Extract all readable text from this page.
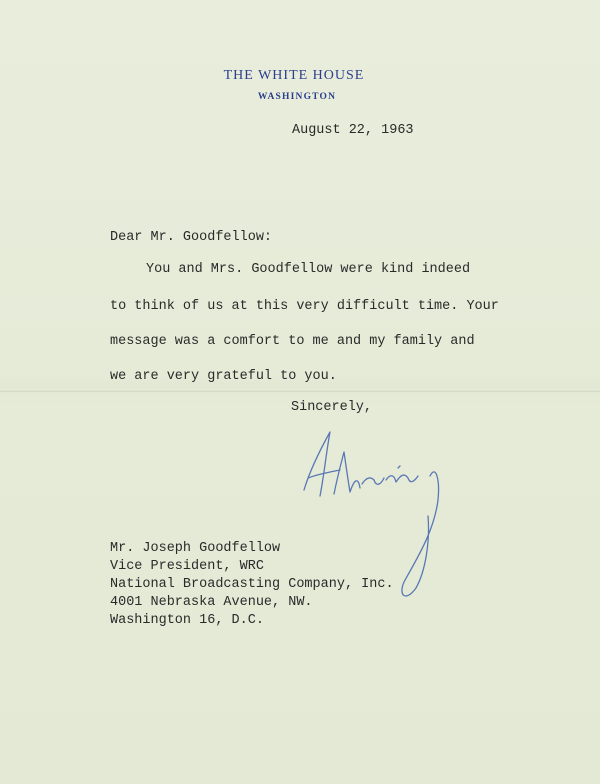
THE WHITE HOUSE
WASHINGTON
August 22, 1963
Dear Mr. Goodfellow:
You and Mrs. Goodfellow were kind indeed
to think of us at this very difficult time. Your
message was a comfort to me and my family and
we are very grateful to you.
Sincerely,
Mr. Joseph Goodfellow
Vice President, WRC
National Broadcasting Company, Inc.
4001 Nebraska Avenue, NW.
Washington 16, D.C.
